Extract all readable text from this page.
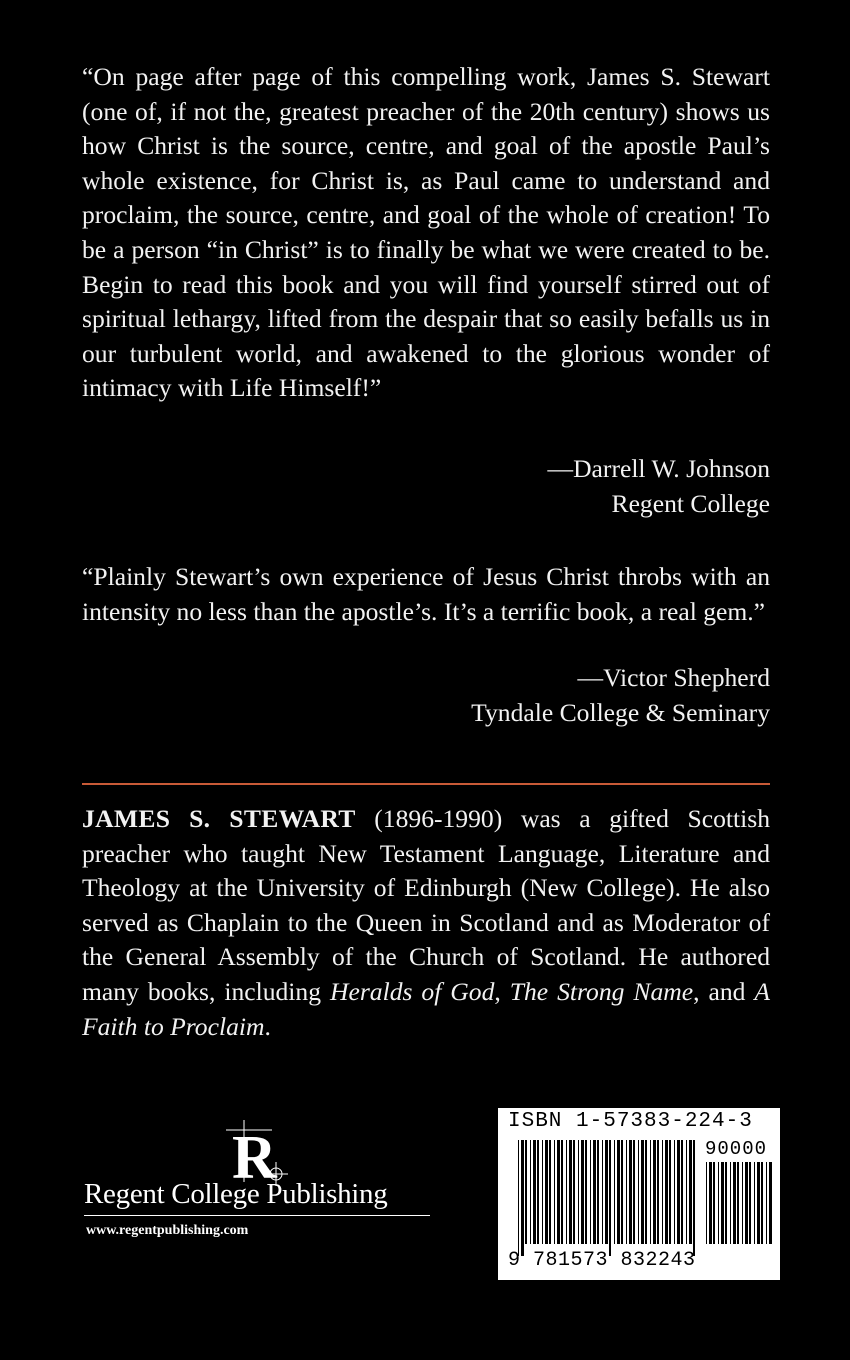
“On page after page of this compelling work, James S. Stewart (one of, if not the, greatest preacher of the 20th century) shows us how Christ is the source, centre, and goal of the apostle Paul’s whole existence, for Christ is, as Paul came to understand and proclaim, the source, centre, and goal of the whole of creation! To be a person “in Christ” is to finally be what we were created to be. Begin to read this book and you will find yourself stirred out of spiritual lethargy, lifted from the despair that so easily befalls us in our turbulent world, and awakened to the glorious wonder of intimacy with Life Himself!”
—Darrell W. Johnson
Regent College
“Plainly Stewart’s own experience of Jesus Christ throbs with an intensity no less than the apostle’s. It’s a terrific book, a real gem.”
—Victor Shepherd
Tyndale College & Seminary
JAMES S. STEWART (1896-1990) was a gifted Scottish preacher who taught New Testament Language, Literature and Theology at the University of Edinburgh (New College). He also served as Chaplain to the Queen in Scotland and as Moderator of the General Assembly of the Church of Scotland. He authored many books, including Heralds of God, The Strong Name, and A Faith to Proclaim.
R
Regent College Publishing
www.regentpublishing.com
ISBN 1-57383-224-3
90000
9 781573 832243
